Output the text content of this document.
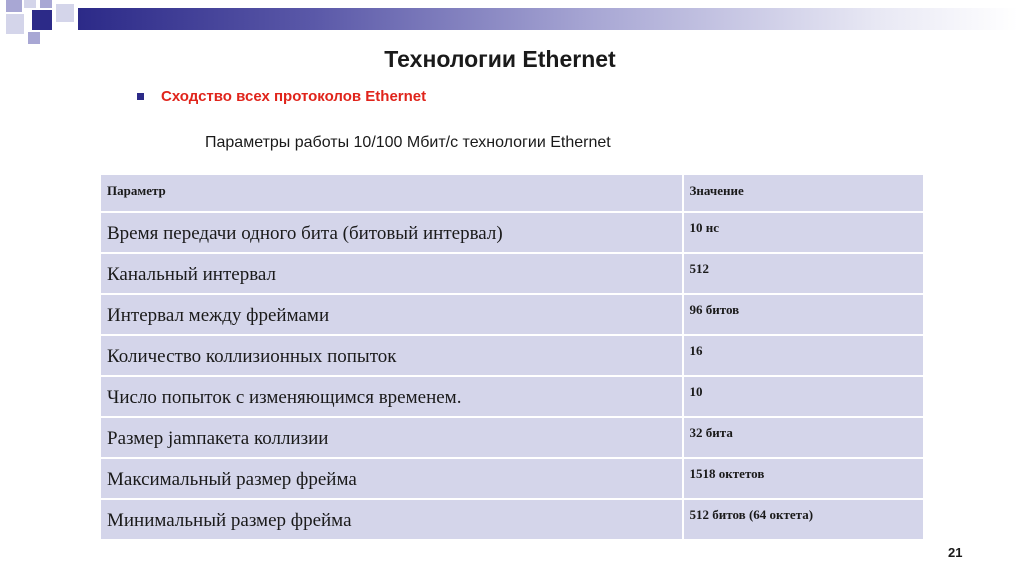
Технологии Ethernet
Сходство всех протоколов Ethernet
Параметры работы 10/100 Мбит/с технологии Ethernet
Параметр	Значение
Время передачи одного бита (битовый интервал)	10 нс
Канальный интервал	512
Интервал между фреймами	96 битов
Количество коллизионных попыток	16
Число попыток с изменяющимся временем.	10
Размер jamпакета коллизии	32 бита
Максимальный размер фрейма	1518 октетов
Минимальный размер фрейма	512 битов (64 октета)
21
